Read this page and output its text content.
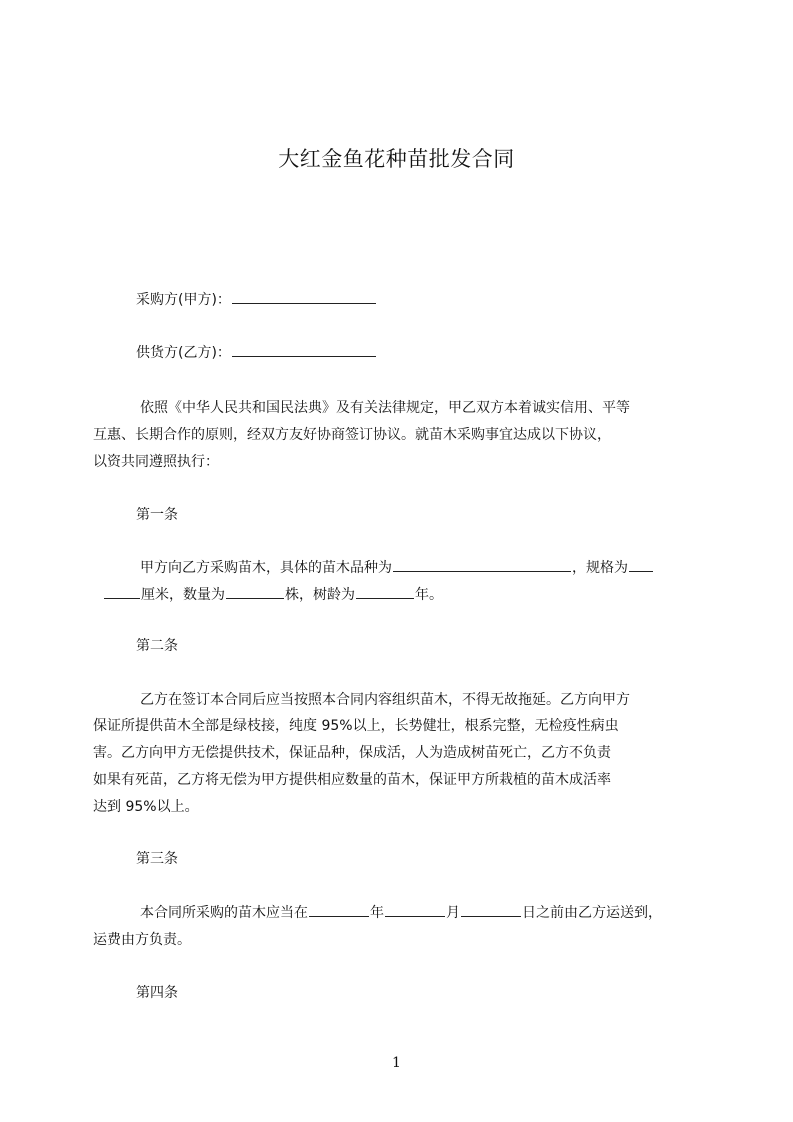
大红金鱼花种苗批发合同
采购方(甲方)：
供货方(乙方)：
依照《中华人民共和国民法典》及有关法律规定，甲乙双方本着诚实信用、平等
互惠、长期合作的原则，经双方友好协商签订协议。就苗木采购事宜达成以下协议，
以资共同遵照执行：
第一条
甲方向乙方采购苗木，具体的苗木品种为	，规格为
厘米，数量为	株，树龄为	年。
第二条
乙方在签订本合同后应当按照本合同内容组织苗木，不得无故拖延。乙方向甲方
保证所提供苗木全部是绿枝接，纯度 95%以上，长势健壮，根系完整，无检疫性病虫
害。乙方向甲方无偿提供技术，保证品种，保成活，人为造成树苗死亡，乙方不负责
如果有死苗，乙方将无偿为甲方提供相应数量的苗木，保证甲方所栽植的苗木成活率
达到 95%以上。
第三条
本合同所采购的苗木应当在	年	月	日之前由乙方运送到，
运费由方负责。
第四条
1
